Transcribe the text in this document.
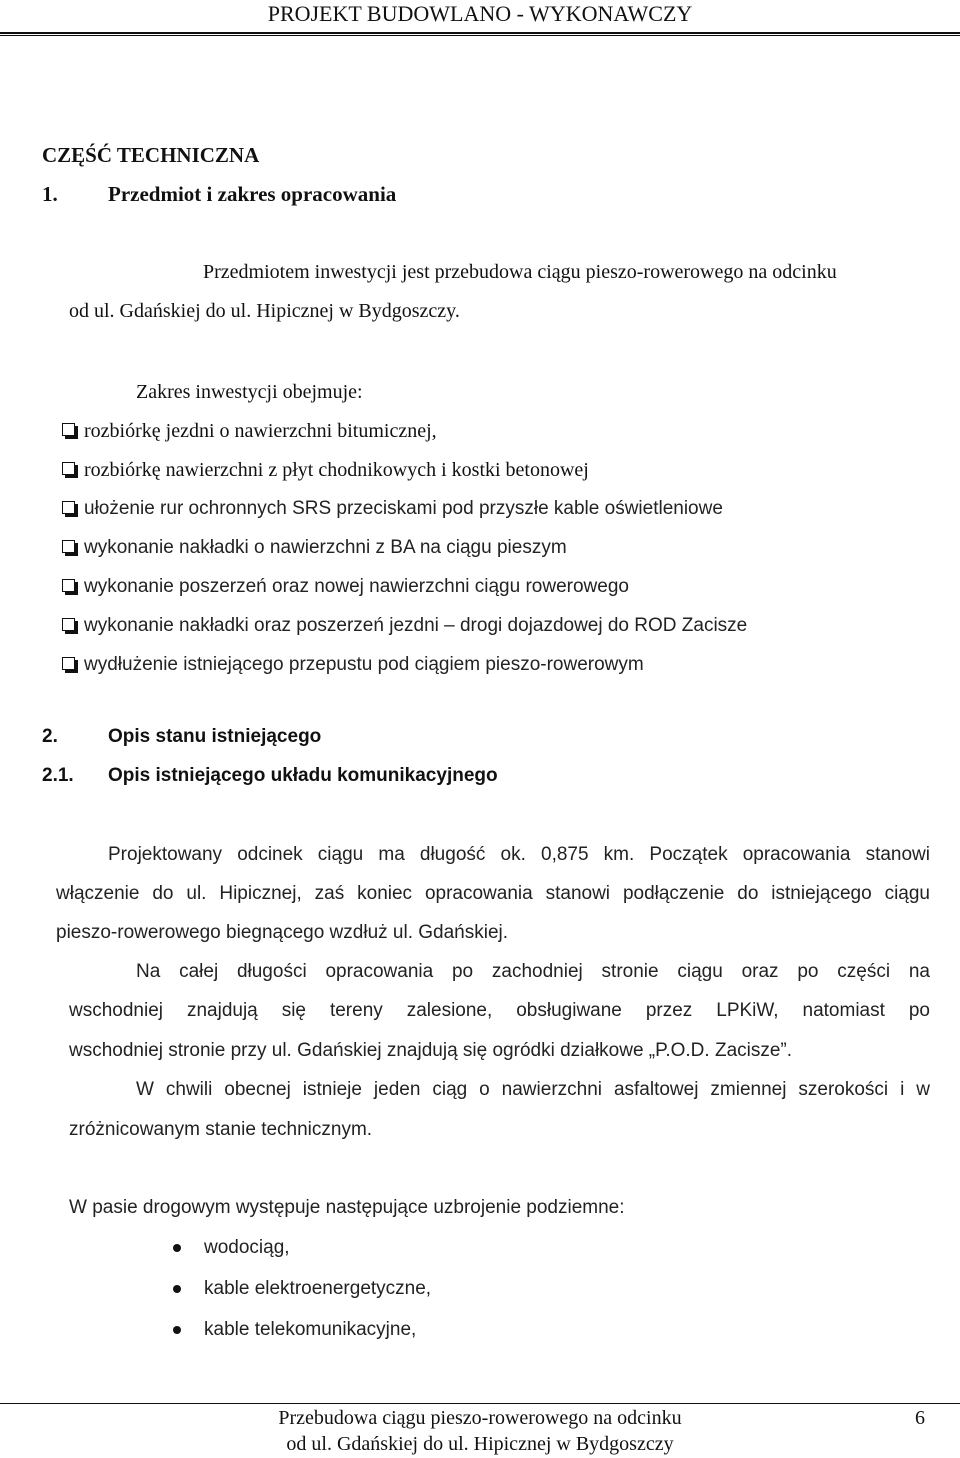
PROJEKT BUDOWLANO - WYKONAWCZY
CZĘŚĆ TECHNICZNA
1. Przedmiot i zakres opracowania
Przedmiotem inwestycji jest przebudowa ciągu pieszo-rowerowego na odcinku
od ul. Gdańskiej do ul. Hipicznej w Bydgoszczy.
Zakres inwestycji obejmuje:
rozbiórkę jezdni o nawierzchni bitumicznej,
rozbiórkę nawierzchni z płyt chodnikowych i kostki betonowej
ułożenie rur ochronnych SRS przeciskami pod przyszłe kable oświetleniowe
wykonanie nakładki o nawierzchni z BA na ciągu pieszym
wykonanie poszerzeń oraz nowej nawierzchni ciągu rowerowego
wykonanie nakładki oraz poszerzeń jezdni – drogi dojazdowej do ROD Zacisze
wydłużenie istniejącego przepustu pod ciągiem pieszo-rowerowym
2.	Opis stanu istniejącego
2.1. Opis istniejącego układu komunikacyjnego
Projektowany odcinek ciągu ma długość ok. 0,875 km. Początek opracowania stanowi
włączenie do ul. Hipicznej, zaś koniec opracowania stanowi podłączenie do istniejącego ciągu
pieszo-rowerowego biegnącego wzdłuż ul. Gdańskiej.
Na całej długości opracowania po zachodniej stronie ciągu oraz po części na
wschodniej znajdują się tereny zalesione, obsługiwane przez LPKiW, natomiast po
wschodniej stronie przy ul. Gdańskiej znajdują się ogródki działkowe „P.O.D. Zacisze”.
W chwili obecnej istnieje jeden ciąg o nawierzchni asfaltowej zmiennej szerokości i w
zróżnicowanym stanie technicznym.
W pasie drogowym występuje następujące uzbrojenie podziemne:
wodociąg,
kable elektroenergetyczne,
kable telekomunikacyjne,
Przebudowa ciągu pieszo-rowerowego na odcinku
od ul. Gdańskiej do ul. Hipicznej w Bydgoszczy
6
